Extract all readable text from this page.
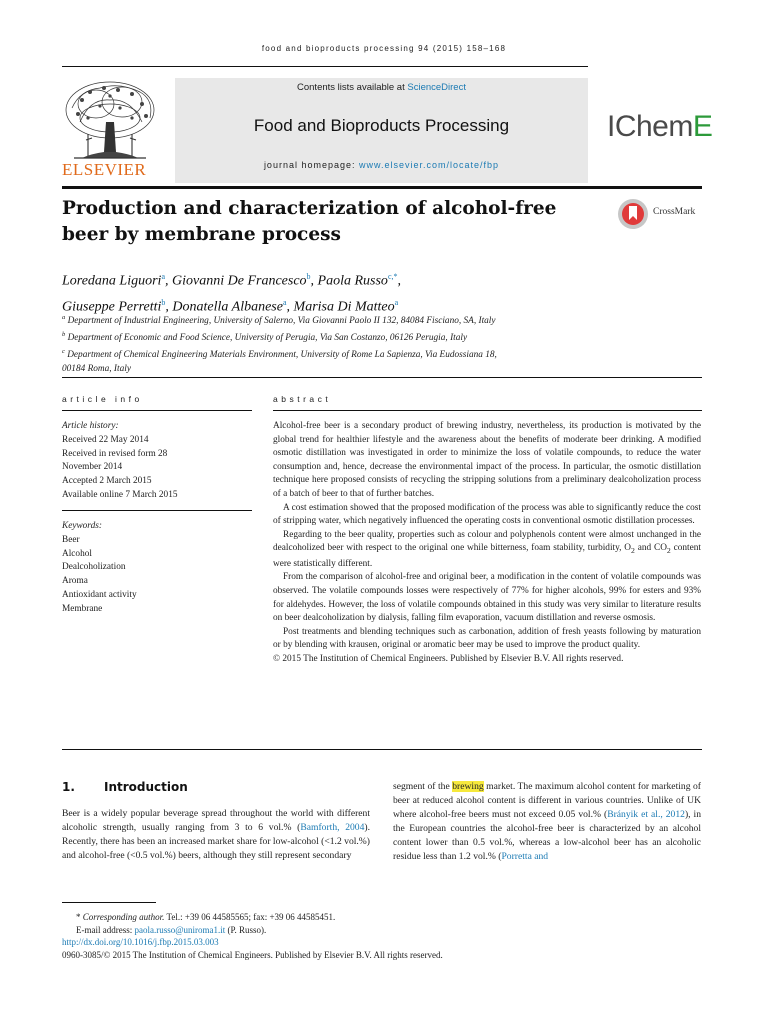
food and bioproducts processing 94 (2015) 158–168
ELSEVIER
Contents lists available at ScienceDirect
Food and Bioproducts Processing
journal homepage: www.elsevier.com/locate/fbp
IChemE
Production and characterization of alcohol-free beer by membrane process
CrossMark
Loredana Liguori$^a$, Giovanni De Francesco$^b$, Paola Russo$^{c,*}$,
Giuseppe Perretti$^b$, Donatella Albanese$^a$, Marisa Di Matteo$^a$
$^a$ Department of Industrial Engineering, University of Salerno, Via Giovanni Paolo II 132, 84084 Fisciano, SA, Italy
$^b$ Department of Economic and Food Science, University of Perugia, Via San Costanzo, 06126 Perugia, Italy
$^c$ Department of Chemical Engineering Materials Environment, University of Rome La Sapienza, Via Eudossiana 18,
00184 Roma, Italy
article info
Article history:
Received 22 May 2014
Received in revised form 28
November 2014
Accepted 2 March 2015
Available online 7 March 2015
Keywords:
Beer
Alcohol
Dealcoholization
Aroma
Antioxidant activity
Membrane
abstract

Alcohol-free beer is a secondary product of brewing industry, nevertheless, its production is motivated by the global trend for healthier lifestyle and the awareness about the benefits of moderate beer drinking. A modified osmotic distillation was investigated in order to minimize the loss of volatile compounds, to reduce the water consumption and, hence, decrease the environmental impact of the process. In particular, the osmotic distillation technique here proposed consists of recycling the stripping solutions from a preliminary dealcoholization process of a batch of beer to that of further batches.

A cost estimation showed that the proposed modification of the process was able to significantly reduce the cost of stripping water, which negatively influenced the operating costs in conventional osmotic distillation processes.

Regarding to the beer quality, properties such as colour and polyphenols content were almost unchanged in the dealcoholized beer with respect to the original one while bitterness, foam stability, turbidity, $O_2$ and $CO_2$ content were statistically different.

From the comparison of alcohol-free and original beer, a modification in the content of volatile compounds was observed. The volatile compounds losses were respectively of 77% for higher alcohols, 99% for esters and 93% for aldehydes. However, the loss of volatile compounds obtained in this study was very similar to literature results on beer dealcoholization by dialysis, falling film evaporation, vacuum distillation and reverse osmosis.

Post treatments and blending techniques such as carbonation, addition of fresh yeasts following by maturation or by blending with krausen, original or aromatic beer may be used to improve the product quality.

© 2015 The Institution of Chemical Engineers. Published by Elsevier B.V. All rights reserved.

1. Introduction

Beer is a widely popular beverage spread throughout the world with different alcoholic strength, usually ranging from 3 to 6 vol.% (Bamforth, 2004). Recently, there has been an increased market share for low-alcohol (<1.2 vol.%) and alcohol-free (<0.5 vol.%) beers, although they still represent secondary

segment of the brewing market. The maximum alcohol content for marketing of beer at reduced alcohol content is different in various countries. Unlike of UK where alcohol-free beers must not exceed 0.05 vol.% (Brányik et al., 2012), in the European countries the alcohol-free beer is characterized by an alcohol content lower than 0.5 vol.%, whereas a low-alcohol beer has an alcoholic residue less than 1.2 vol.% (Porretta and

* Corresponding author. Tel.: +39 06 44585565; fax: +39 06 44585451.
E-mail address: paola.russo@uniroma1.it (P. Russo).
http://dx.doi.org/10.1016/j.fbp.2015.03.003
0960-3085/© 2015 The Institution of Chemical Engineers. Published by Elsevier B.V. All rights reserved.
